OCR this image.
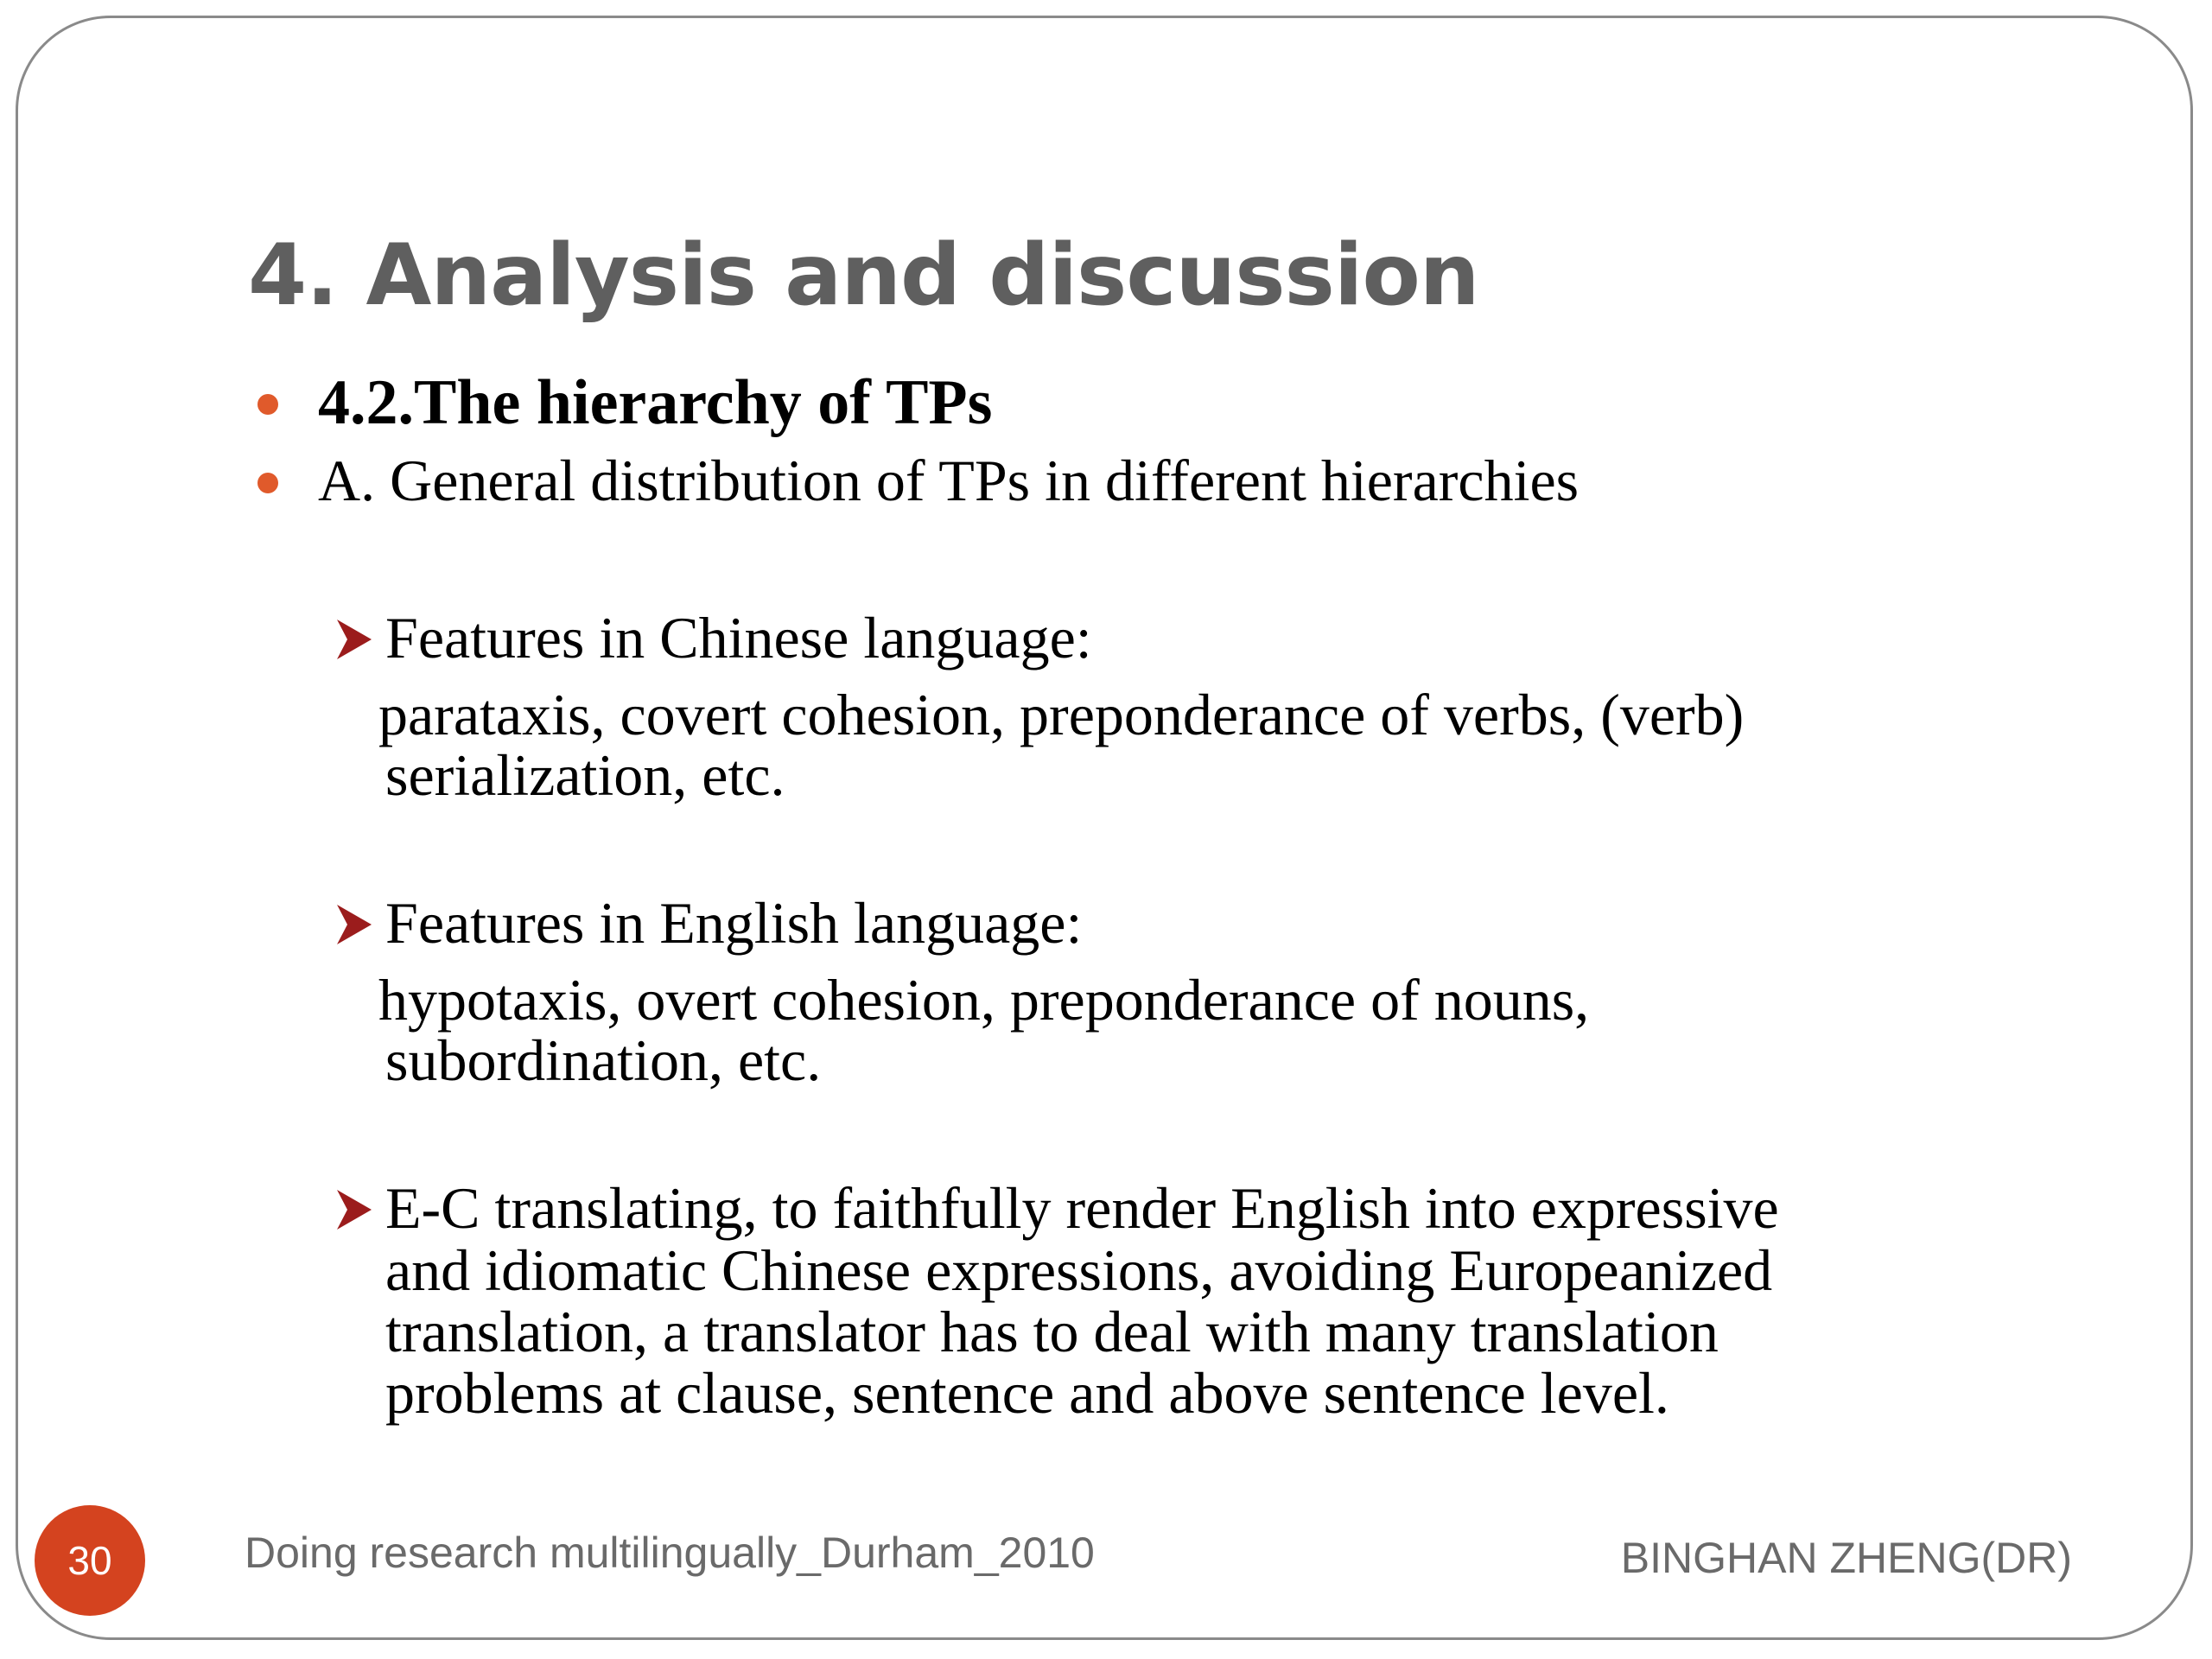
4. Analysis and discussion
4.2.The hierarchy of TPs
A. General distribution of TPs in different hierarchies
Features in Chinese language:
parataxis, covert cohesion, preponderance of verbs, (verb)
serialization, etc.
Features in English language:
hypotaxis, overt cohesion, preponderance of nouns,
subordination, etc.
E-C translating, to faithfully render English into expressive
and idiomatic Chinese expressions, avoiding Europeanized
translation, a translator has to deal with many translation
problems at clause, sentence and above sentence level.
30	Doing research multilingually_Durham_2010	BINGHAN ZHENG(DR)
